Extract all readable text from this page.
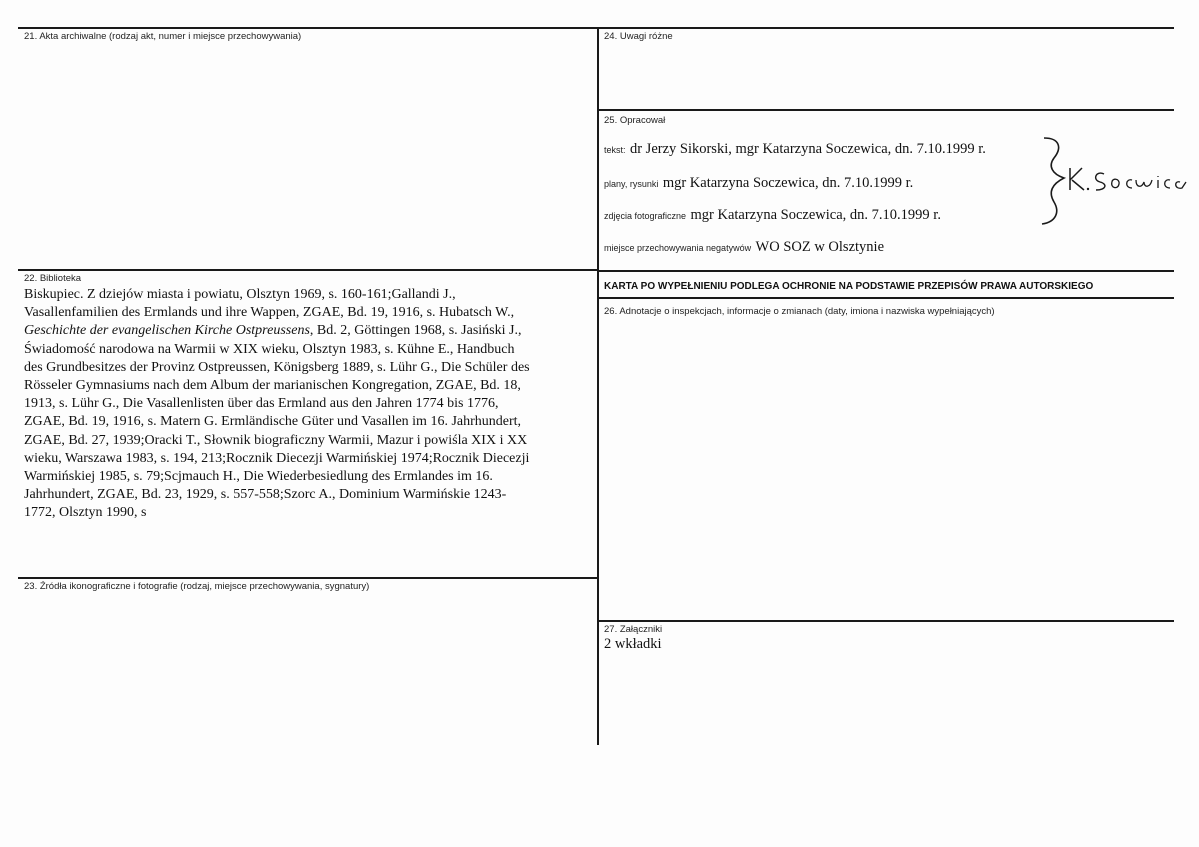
21. Akta archiwalne (rodzaj akt, numer i miejsce przechowywania)
22. Biblioteka
Biskupiec. Z dziejów miasta i powiatu, Olsztyn 1969, s. 160-161;Gallandi J.,
Vasallenfamilien des Ermlands und ihre Wappen, ZGAE, Bd. 19, 1916, s. Hubatsch W.,
Geschichte der evangelischen Kirche Ostpreussens, Bd. 2, Göttingen 1968, s. Jasiński J.,
Świadomość narodowa na Warmii w XIX wieku, Olsztyn 1983, s. Kühne E., Handbuch
des Grundbesitzes der Provinz Ostpreussen, Königsberg 1889, s. Lühr G., Die Schüler des
Rösseler Gymnasiums nach dem Album der marianischen Kongregation, ZGAE, Bd. 18,
1913, s. Lühr G., Die Vasallenlisten über das Ermland aus den Jahren 1774 bis 1776,
ZGAE, Bd. 19, 1916, s. Matern G. Ermländische Güter und Vasallen im 16. Jahrhundert,
ZGAE, Bd. 27, 1939;Oracki T., Słownik biograficzny Warmii, Mazur i powiśla XIX i XX
wieku, Warszawa 1983, s. 194, 213;Rocznik Diecezji Warmińskiej 1974;Rocznik Diecezji
Warmińskiej 1985, s. 79;Scjmauch H., Die Wiederbesiedlung des Ermlandes im 16.
Jahrhundert, ZGAE, Bd. 23, 1929, s. 557-558;Szorc A., Dominium Warmińskie 1243-
1772, Olsztyn 1990, s
23. Źródła ikonograficzne i fotografie (rodzaj, miejsce przechowywania, sygnatury)
24. Uwagi różne
25. Opracował
tekst: dr Jerzy Sikorski, mgr Katarzyna Soczewica, dn. 7.10.1999 r.
plany, rysunki mgr Katarzyna Soczewica, dn. 7.10.1999 r.
zdjęcia fotograficzne mgr Katarzyna Soczewica, dn. 7.10.1999 r.
miejsce przechowywania negatywów WO SOZ w Olsztynie
KARTA PO WYPEŁNIENIU PODLEGA OCHRONIE NA PODSTAWIE PRZEPISÓW PRAWA AUTORSKIEGO
26. Adnotacje o inspekcjach, informacje o zmianach (daty, imiona i nazwiska wypełniających)
27. Załączniki
2 wkładki
